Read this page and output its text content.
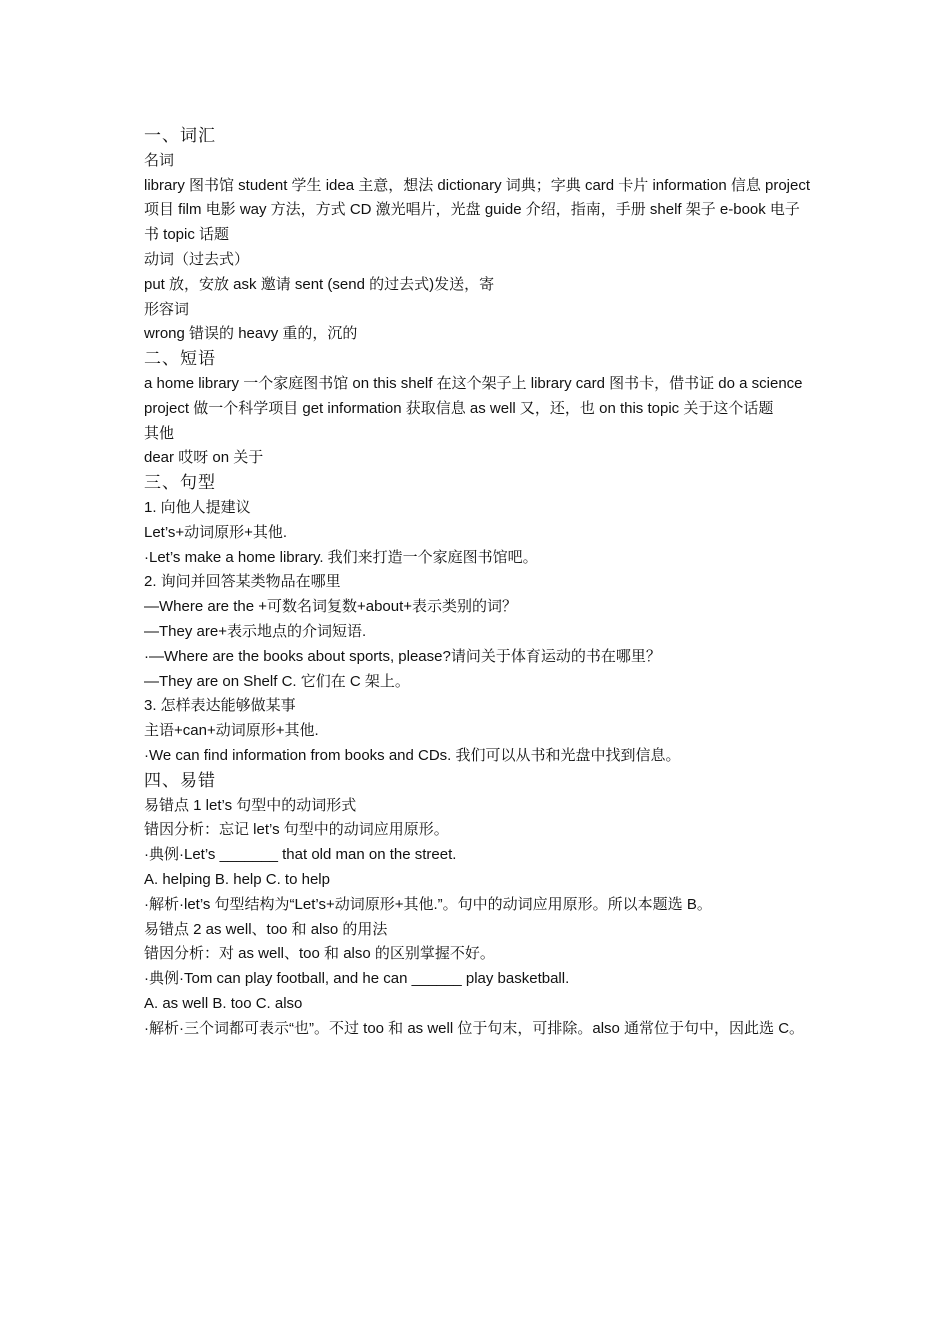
一、词汇
名词
library 图书馆 student 学生 idea 主意，想法 dictionary 词典；字典 card 卡片 information 信息 project 项目 film 电影 way 方法，方式 CD 激光唱片，光盘 guide 介绍，指南，手册 shelf 架子 e-book 电子书 topic 话题
动词（过去式）
put 放，安放 ask 邀请 sent (send 的过去式)发送，寄
形容词
wrong 错误的 heavy 重的，沉的
二、短语
a home library 一个家庭图书馆 on this shelf 在这个架子上 library card 图书卡，借书证 do a science project 做一个科学项目 get information 获取信息 as well 又，还，也 on this topic 关于这个话题
其他
dear 哎呀 on 关于
三、句型
1. 向他人提建议
Let’s+动词原形+其他.
·Let’s make a home library. 我们来打造一个家庭图书馆吧。
2. 询问并回答某类物品在哪里
—Where are the +可数名词复数+about+表示类别的词？
—They are+表示地点的介词短语.
·—Where are the books about sports, please?请问关于体育运动的书在哪里？
—They are on Shelf C. 它们在 C 架上。
3. 怎样表达能够做某事
主语+can+动词原形+其他.
·We can find information from books and CDs. 我们可以从书和光盘中找到信息。
四、易错
易错点 1 let’s 句型中的动词形式
错因分析：忘记 let’s 句型中的动词应用原形。
·典例·Let’s _______ that old man on the street.
A. helping B. help C. to help
·解析·let’s 句型结构为“Let’s+动词原形+其他.”。句中的动词应用原形。所以本题选 B。
易错点 2 as well、too 和 also 的用法
错因分析：对 as well、too 和 also 的区别掌握不好。
·典例·Tom can play football, and he can ______ play basketball.
A. as well B. too C. also
·解析·三个词都可表示“也”。不过 too 和 as well 位于句末，可排除。also 通常位于句中，因此选 C。
